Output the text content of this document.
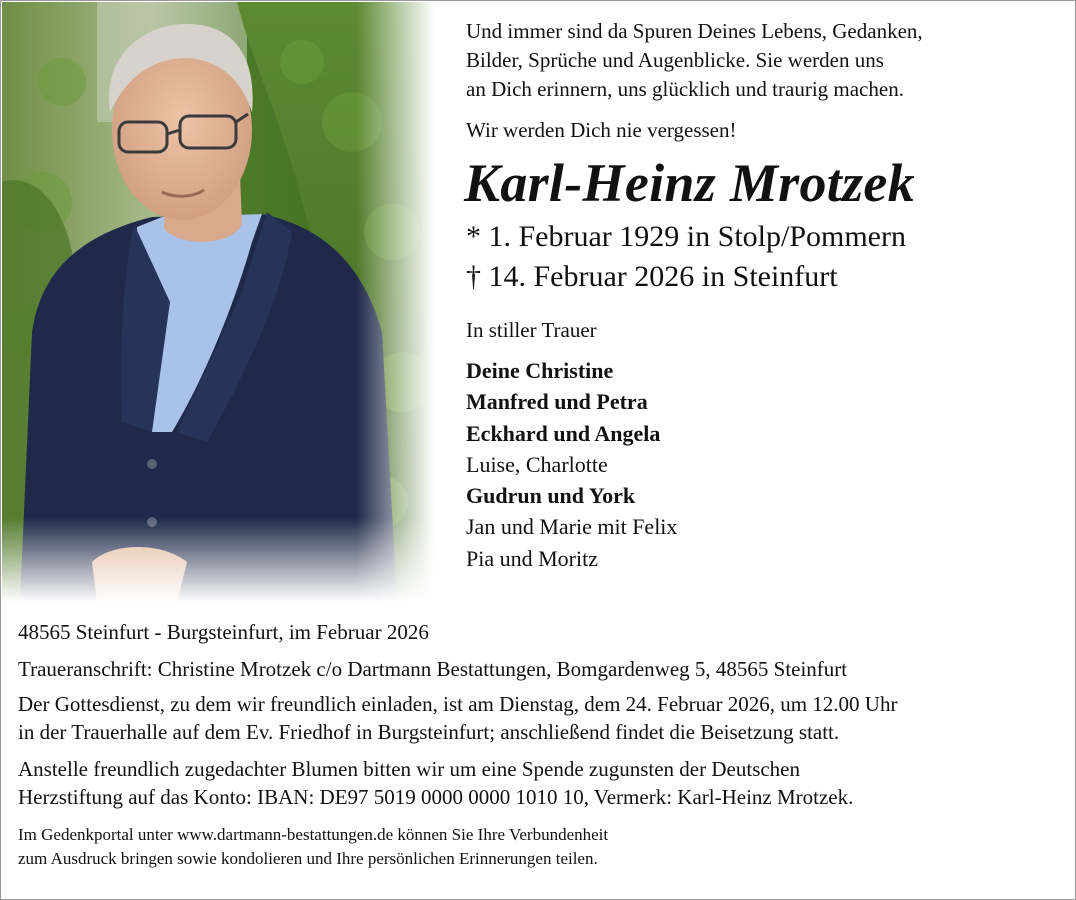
Und immer sind da Spuren Deines Lebens, Gedanken,

Bilder, Sprüche und Augenblicke. Sie werden uns

an Dich erinnern, uns glücklich und traurig machen.

Wir werden Dich nie vergessen!

Karl-Heinz Mrotzek
* 1. Februar 1929 in Stolp/Pommern
† 14. Februar 2026 in Steinfurt
In stiller Trauer
Deine Christine
Manfred und Petra
Eckhard und Angela
Luise, Charlotte
Gudrun und York
Jan und Marie mit Felix
Pia und Moritz

48565 Steinfurt - Burgsteinfurt, im Februar 2026

Traueranschrift: Christine Mrotzek c/o Dartmann Bestattungen, Bomgardenweg 5, 48565 Steinfurt

Der Gottesdienst, zu dem wir freundlich einladen, ist am Dienstag, dem 24. Februar 2026, um 12.00 Uhr

in der Trauerhalle auf dem Ev. Friedhof in Burgsteinfurt; anschließend findet die Beisetzung statt.

Anstelle freundlich zugedachter Blumen bitten wir um eine Spende zugunsten der Deutschen

Herzstiftung auf das Konto: IBAN: DE97 5019 0000 0000 1010 10, Vermerk: Karl-Heinz Mrotzek.

Im Gedenkportal unter www.dartmann-bestattungen.de können Sie Ihre Verbundenheit

zum Ausdruck bringen sowie kondolieren und Ihre persönlichen Erinnerungen teilen.
